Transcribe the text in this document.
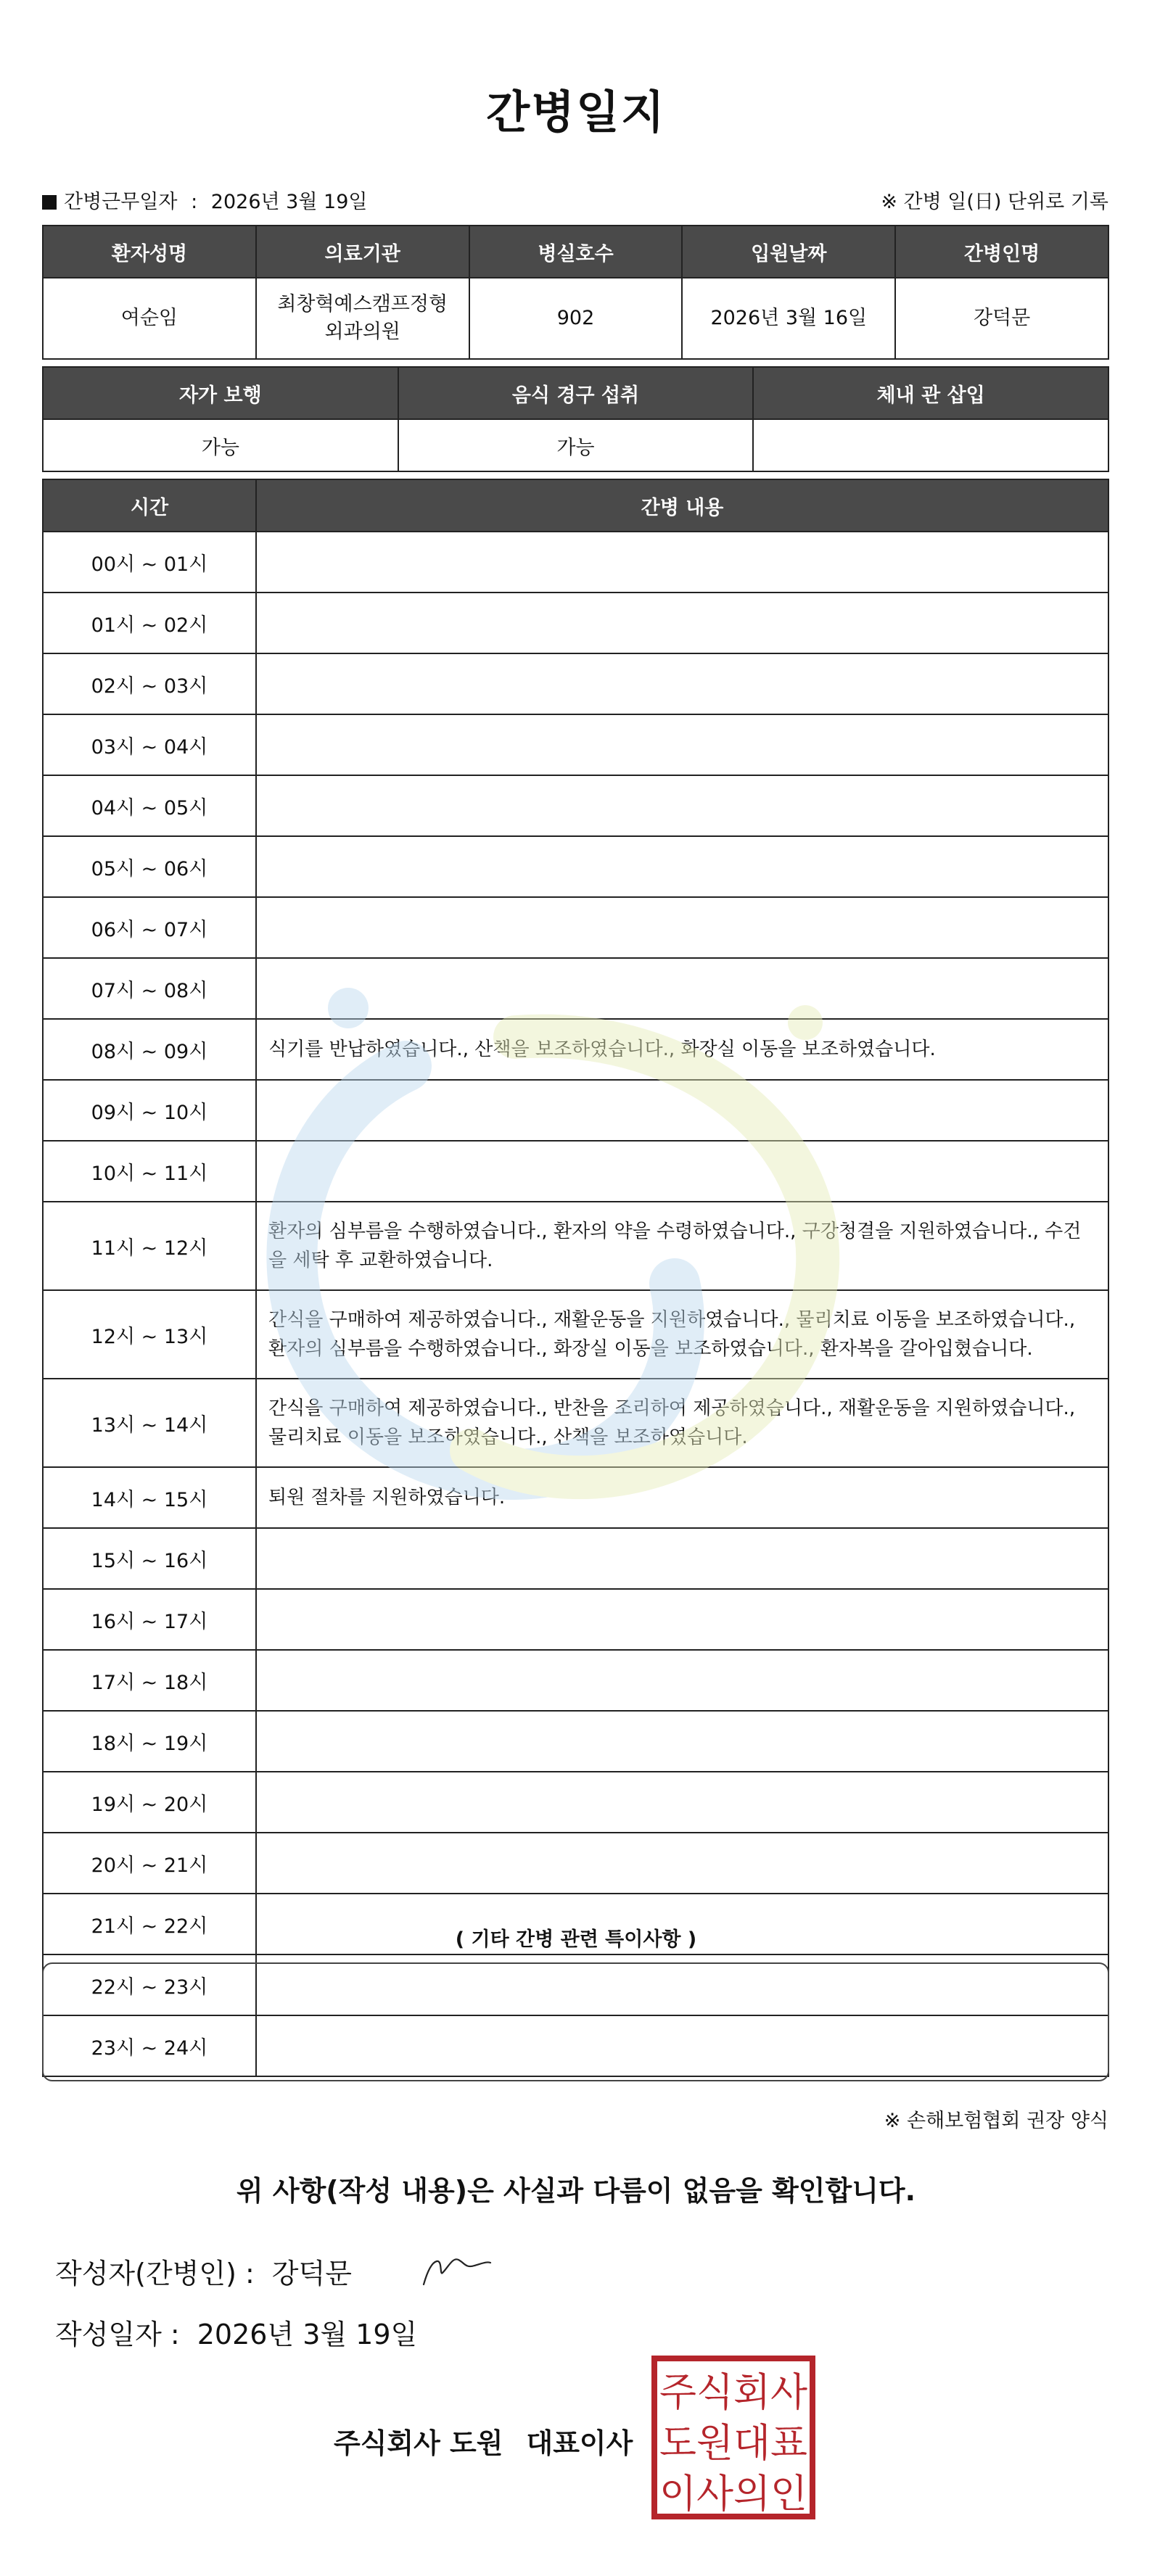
간병일지
간병근무일자 : 2026년 3월 19일	※ 간병 일(日) 단위로 기록
환자성명	의료기관	병실호수	입원날짜	간병인명
여순임	최창혁예스캠프정형외과의원	902	2026년 3월 16일	강덕문
자가 보행	음식 경구 섭취	체내 관 삽입
가능	가능	
시간	간병 내용
00시 ~ 01시	
01시 ~ 02시	
02시 ~ 03시	
03시 ~ 04시	
04시 ~ 05시	
05시 ~ 06시	
06시 ~ 07시	
07시 ~ 08시	
08시 ~ 09시	식기를 반납하였습니다., 산책을 보조하였습니다., 화장실 이동을 보조하였습니다.
09시 ~ 10시	
10시 ~ 11시	
11시 ~ 12시	환자의 심부름을 수행하였습니다., 환자의 약을 수령하였습니다., 구강청결을 지원하였습니다., 수건을 세탁 후 교환하였습니다.
12시 ~ 13시	간식을 구매하여 제공하였습니다., 재활운동을 지원하였습니다., 물리치료 이동을 보조하였습니다., 환자의 심부름을 수행하였습니다., 화장실 이동을 보조하였습니다., 환자복을 갈아입혔습니다.
13시 ~ 14시	간식을 구매하여 제공하였습니다., 반찬을 조리하여 제공하였습니다., 재활운동을 지원하였습니다., 물리치료 이동을 보조하였습니다., 산책을 보조하였습니다.
14시 ~ 15시	퇴원 절차를 지원하였습니다.
15시 ~ 16시	
16시 ~ 17시	
17시 ~ 18시	
18시 ~ 19시	
19시 ~ 20시	
20시 ~ 21시	
21시 ~ 22시	
22시 ~ 23시	
23시 ~ 24시	
( 기타 간병 관련 특이사항 )
※ 손해보험협회 권장 양식
위 사항(작성 내용)은 사실과 다름이 없음을 확인합니다.
작성자(간병인) : 강덕문
작성일자 : 2026년 3월 19일
주식회사 도원 대표이사
주식회사
도원대표
이사의인
